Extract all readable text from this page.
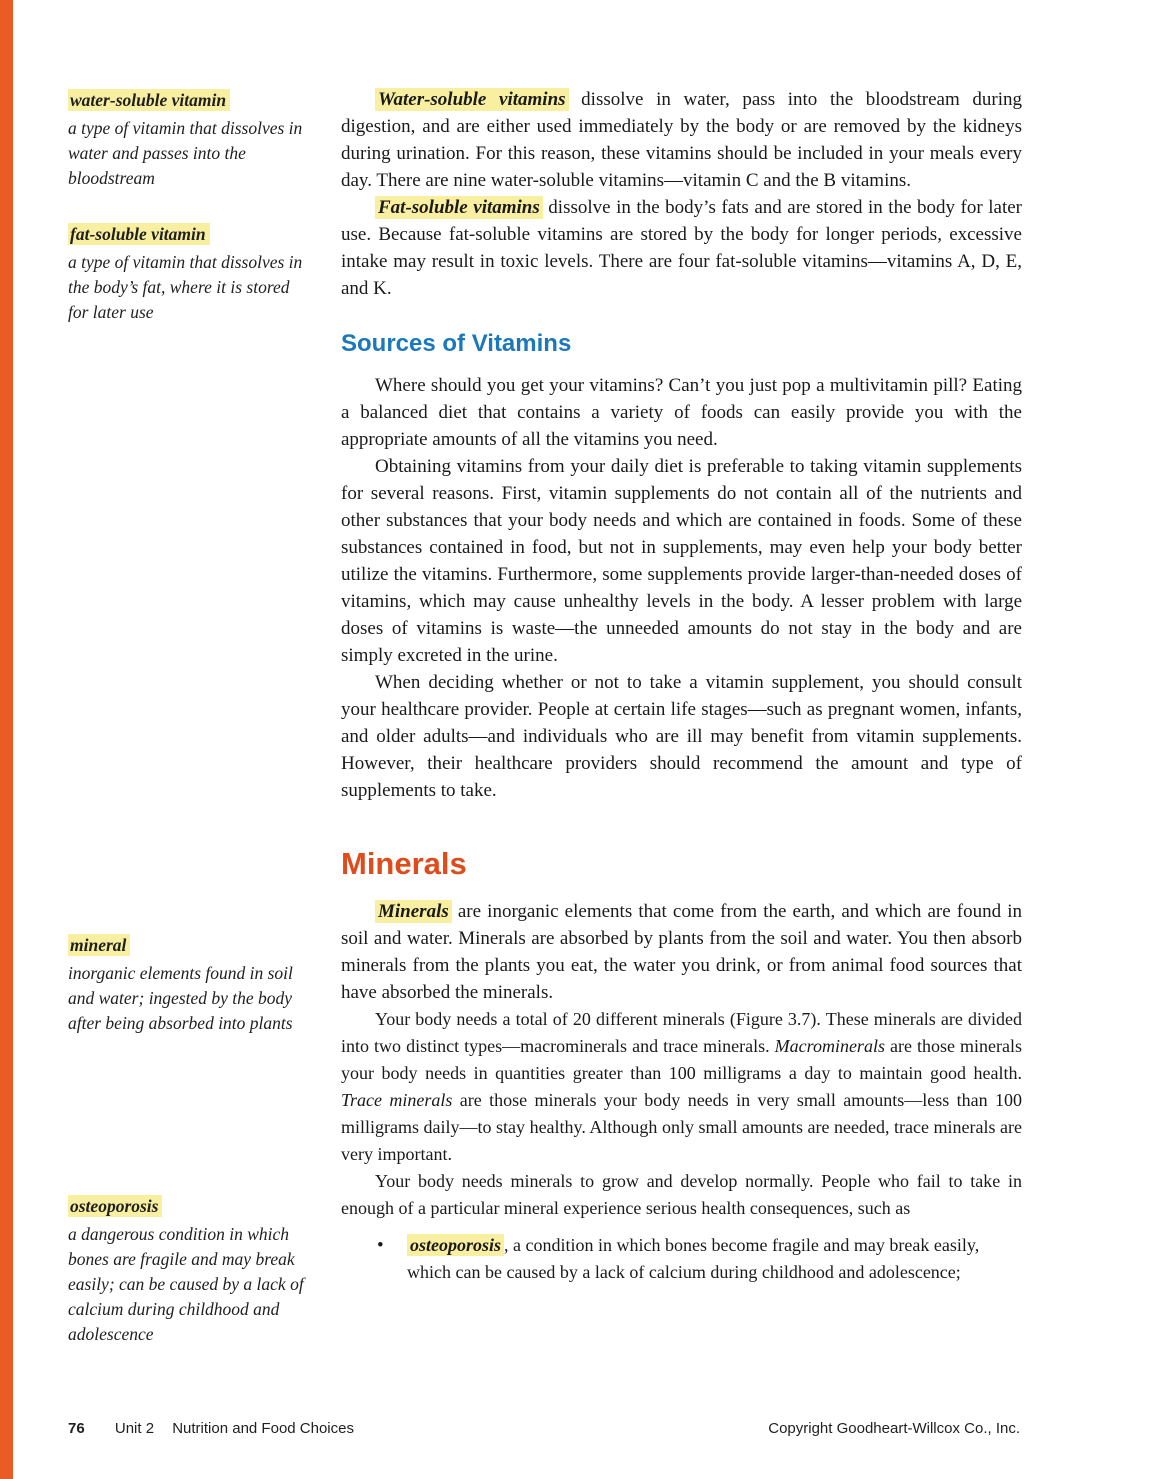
water-soluble vitamin
a type of vitamin that dissolves in water and passes into the bloodstream
fat-soluble vitamin
a type of vitamin that dissolves in the body’s fat, where it is stored for later use
mineral
inorganic elements found in soil and water; ingested by the body after being absorbed into plants
osteoporosis
a dangerous condition in which bones are fragile and may break easily; can be caused by a lack of calcium during childhood and adolescence

Water-soluble vitamins dissolve in water, pass into the bloodstream during digestion, and are either used immediately by the body or are removed by the kidneys during urination. For this reason, these vitamins should be included in your meals every day. There are nine water-soluble vitamins—vitamin C and the B vitamins.

Fat-soluble vitamins dissolve in the body’s fats and are stored in the body for later use. Because fat-soluble vitamins are stored by the body for longer periods, excessive intake may result in toxic levels. There are four fat-soluble vitamins—vitamins A, D, E, and K.

Sources of Vitamins

Where should you get your vitamins? Can’t you just pop a multivitamin pill? Eating a balanced diet that contains a variety of foods can easily provide you with the appropriate amounts of all the vitamins you need.

Obtaining vitamins from your daily diet is preferable to taking vitamin supplements for several reasons. First, vitamin supplements do not contain all of the nutrients and other substances that your body needs and which are contained in foods. Some of these substances contained in food, but not in supplements, may even help your body better utilize the vitamins. Furthermore, some supplements provide larger-than-needed doses of vitamins, which may cause unhealthy levels in the body. A lesser problem with large doses of vitamins is waste—the unneeded amounts do not stay in the body and are simply excreted in the urine.

When deciding whether or not to take a vitamin supplement, you should consult your healthcare provider. People at certain life stages—such as pregnant women, infants, and older adults—and individuals who are ill may benefit from vitamin supplements. However, their healthcare providers should recommend the amount and type of supplements to take.

Minerals

Minerals are inorganic elements that come from the earth, and which are found in soil and water. Minerals are absorbed by plants from the soil and water. You then absorb minerals from the plants you eat, the water you drink, or from animal food sources that have absorbed the minerals.

Your body needs a total of 20 different minerals (Figure 3.7). These minerals are divided into two distinct types—macrominerals and trace minerals. Macrominerals are those minerals your body needs in quantities greater than 100 milligrams a day to maintain good health. Trace minerals are those minerals your body needs in very small amounts—less than 100 milligrams daily—to stay healthy. Although only small amounts are needed, trace minerals are very important.

Your body needs minerals to grow and develop normally. People who fail to take in enough of a particular mineral experience serious health consequences, such as

•	osteoporosis , a condition in which bones become fragile and may break easily, which can be caused by a lack of calcium during childhood and adolescence;

76 Unit 2 Nutrition and Food Choices	Copyright Goodheart-Willcox Co., Inc.
